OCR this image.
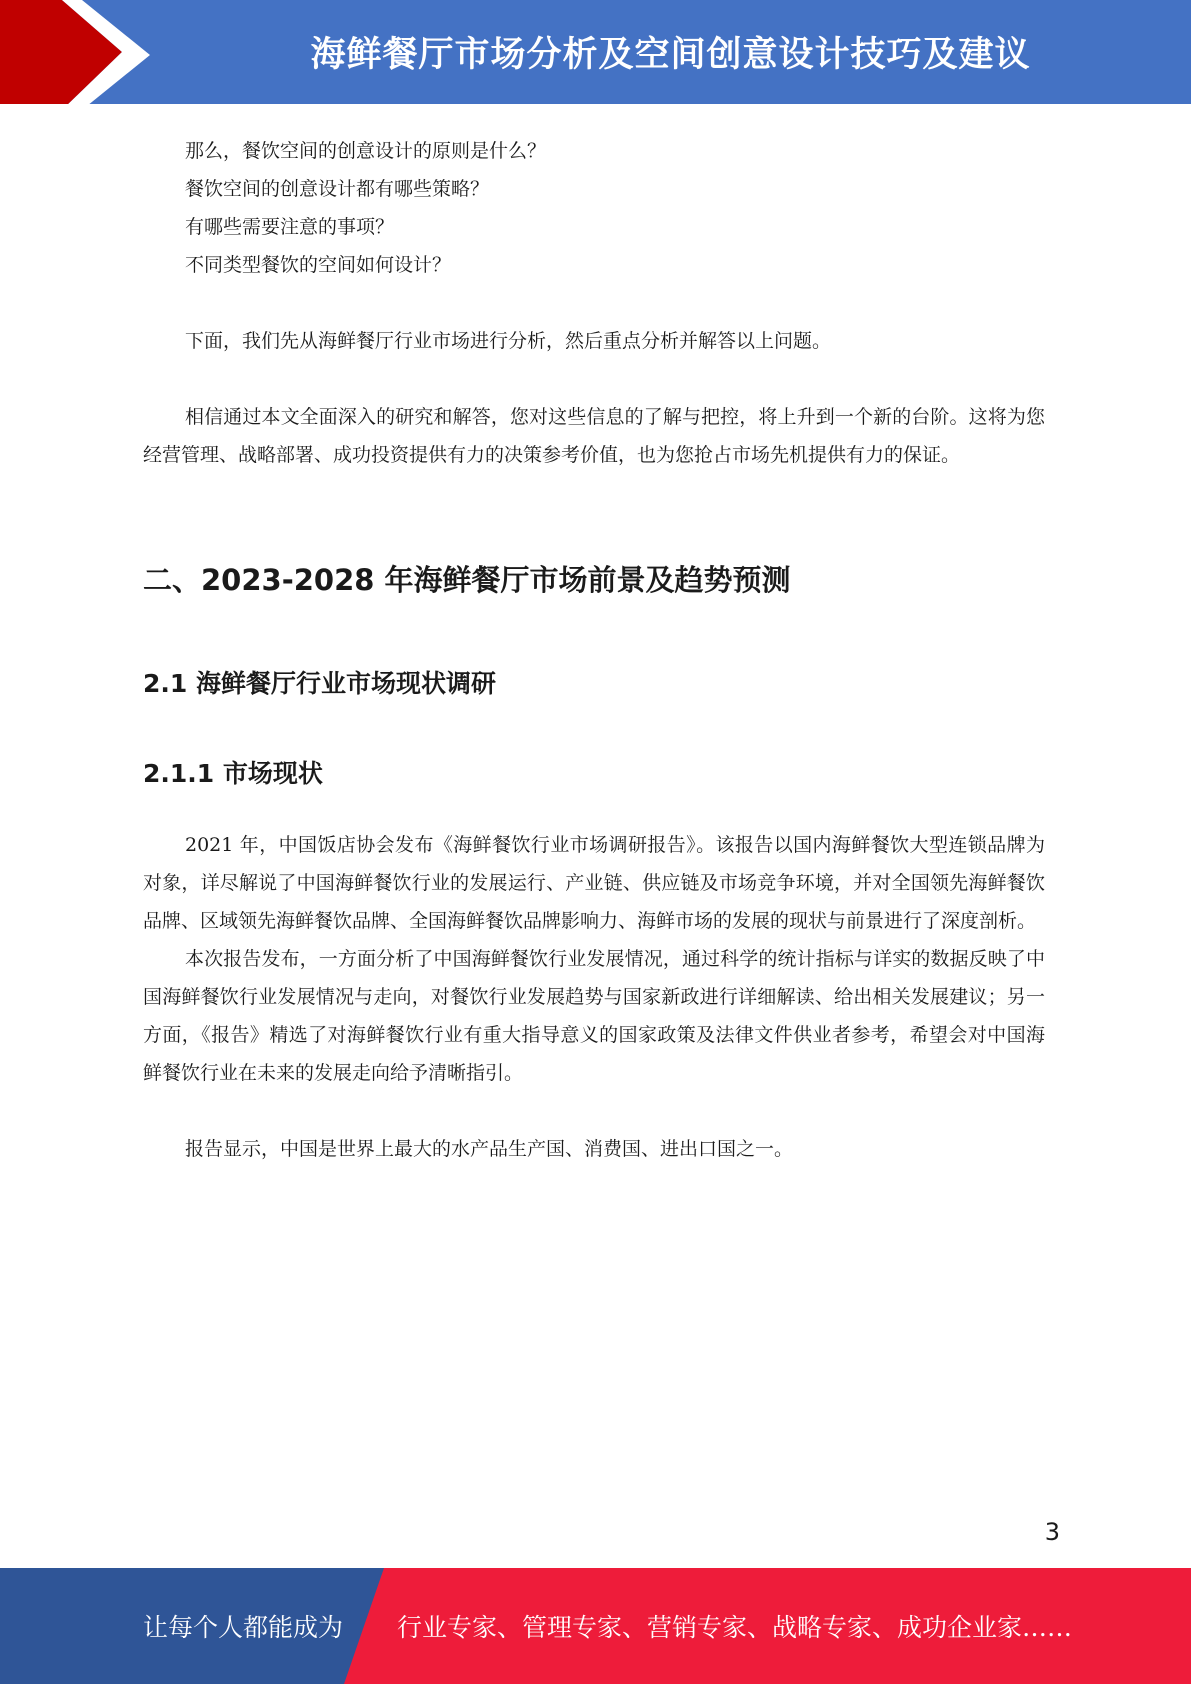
海鲜餐厅市场分析及空间创意设计技巧及建议

那么，餐饮空间的创意设计的原则是什么？

餐饮空间的创意设计都有哪些策略？

有哪些需要注意的事项？

不同类型餐饮的空间如何设计？

下面，我们先从海鲜餐厅行业市场进行分析，然后重点分析并解答以上问题。

相信通过本文全面深入的研究和解答，您对这些信息的了解与把控，将上升到一个新的台阶。这将为您经营管理、战略部署、成功投资提供有力的决策参考价值，也为您抢占市场先机提供有力的保证。

二、2023-2028 年海鲜餐厅市场前景及趋势预测
2.1 海鲜餐厅行业市场现状调研
2.1.1 市场现状

2021 年，中国饭店协会发布《海鲜餐饮行业市场调研报告》。该报告以国内海鲜餐饮大型连锁品牌为对象，详尽解说了中国海鲜餐饮行业的发展运行、产业链、供应链及市场竞争环境，并对全国领先海鲜餐饮品牌、区域领先海鲜餐饮品牌、全国海鲜餐饮品牌影响力、海鲜市场的发展的现状与前景进行了深度剖析。

本次报告发布，一方面分析了中国海鲜餐饮行业发展情况，通过科学的统计指标与详实的数据反映了中国海鲜餐饮行业发展情况与走向，对餐饮行业发展趋势与国家新政进行详细解读、给出相关发展建议；另一方面，《报告》精选了对海鲜餐饮行业有重大指导意义的国家政策及法律文件供业者参考，希望会对中国海鲜餐饮行业在未来的发展走向给予清晰指引。

报告显示，中国是世界上最大的水产品生产国、消费国、进出口国之一。

3
让每个人都能成为 行业专家、管理专家、营销专家、战略专家、成功企业家……
